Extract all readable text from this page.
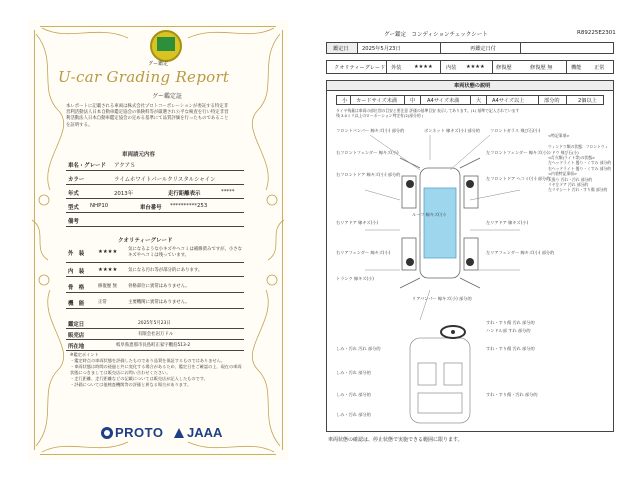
グー鑑定
U-car Grading Report
グー鑑定証
本レポートに記載される車両は株式会社プロトコーポレーションが委託する特定非営利活動法人日本自動車鑑定協会の保険料等が厳選され公平な検査を行い特定非営利活動法人日本自動車鑑定協会の定める基準にて品質評価を行ったものであることを証明する。
車両請元内容
車名・グレード アクアＳ
カラー	ライムホワイトパールクリスタルシャイン
年式	2013年	走行距離表示	*****
型式 NHP10	車台番号 **********253
備考
クオリティーグレード
外　装	★★★★ 気になるような小キズやヘコミは補修済みですが、小さなキズやヘコミは残っています。
内　装	★★★★ 気になる汚れ等が部分的にあります。
骨　格	修復歴 無	骨格部位に異常はありません。
機　能	正常	主要機関に異常はありません。
鑑定日	2025年5月23日
販売店	有限会社岩万ドル
所在地	岐阜県恵那市長島町正家字觀伯513-2
※鑑定ポイント
・鑑定時点の車両状態を評価したものであり品質を保証するものではありません。
・車両状態は時間の経過と共に変化する場合があるため、鑑定日をご確認の上、現在の車両状態につきましては販売店にお問い合わせください。
・走行距離、走行距離などの記載については販売店が記入したものです。
・評価については他検査機関等の評価と異なる場合があります。
PROTO JAAA
グー鑑定　コンディションチェックシート	R89225E2301
鑑定日	2025年5月23日	再鑑定日付
クオリティーグレード 外装 ★★★★	内装 ★★★★ 修復歴	修復歴 無	機能 正常
車両状態の説明
小 カードサイズ未満 中 A4サイズ未満	大 A4サイズ以上	部分的	2個以上
タイヤ残量は車両の部位別の目安と要注意 評価の基準目安 表示してあります。(1) 基準で記入されています
残 3.0ミリ以上のローポーション判定有(2)部分的 /
フロントバンパー 線キズ(小) 部分的	ボンネット 線キズ(小) 部分的 フロントガラス 飛び石(小)
右フロントフェンダー 線キズ(小)	左フロントフェンダー 線キズ(小)
右フロントドア 線キズ(小) 部分的
左フロントドア ヘコミ(小) 部分的
右リアドア 線キズ(小)	左リアドア 線キズ(小)
ルーフ 線キズ(小)
右リアフェンダー 線キズ(小)	左リアフェンダー 線キズ(小) 部分的
リアバンパー 線キズ(小) 部分的
トランク 線キズ(小)

<特記事項>

ウィンドウ類の状態：フロントウィンドウ 飛び石(小)
<灯火類(ライト等)の状態>
左ヘッドライト 曇り・くすみ 部分的
右ヘッドライト 曇り・くすみ 部分的
<内装特記事項>
天張り 汚れ・汚れ 部分的
リヤ左ドア 汚れ 部分的
左リヤシート 汚れ・すり傷 部分的

すれ・すり傷 汚れ 部分的
ハンドル部 すれ 部分的
しみ・汚れ 汚れ 部分的	すれ・すり傷 汚れ 部分的
しみ・汚れ 部分的
しみ・汚れ 部分的	すれ・すり傷・汚れ 部分的
しみ・汚れ 部分的
車両状態の確認は、停止状態で実施できる範囲に限ります。
